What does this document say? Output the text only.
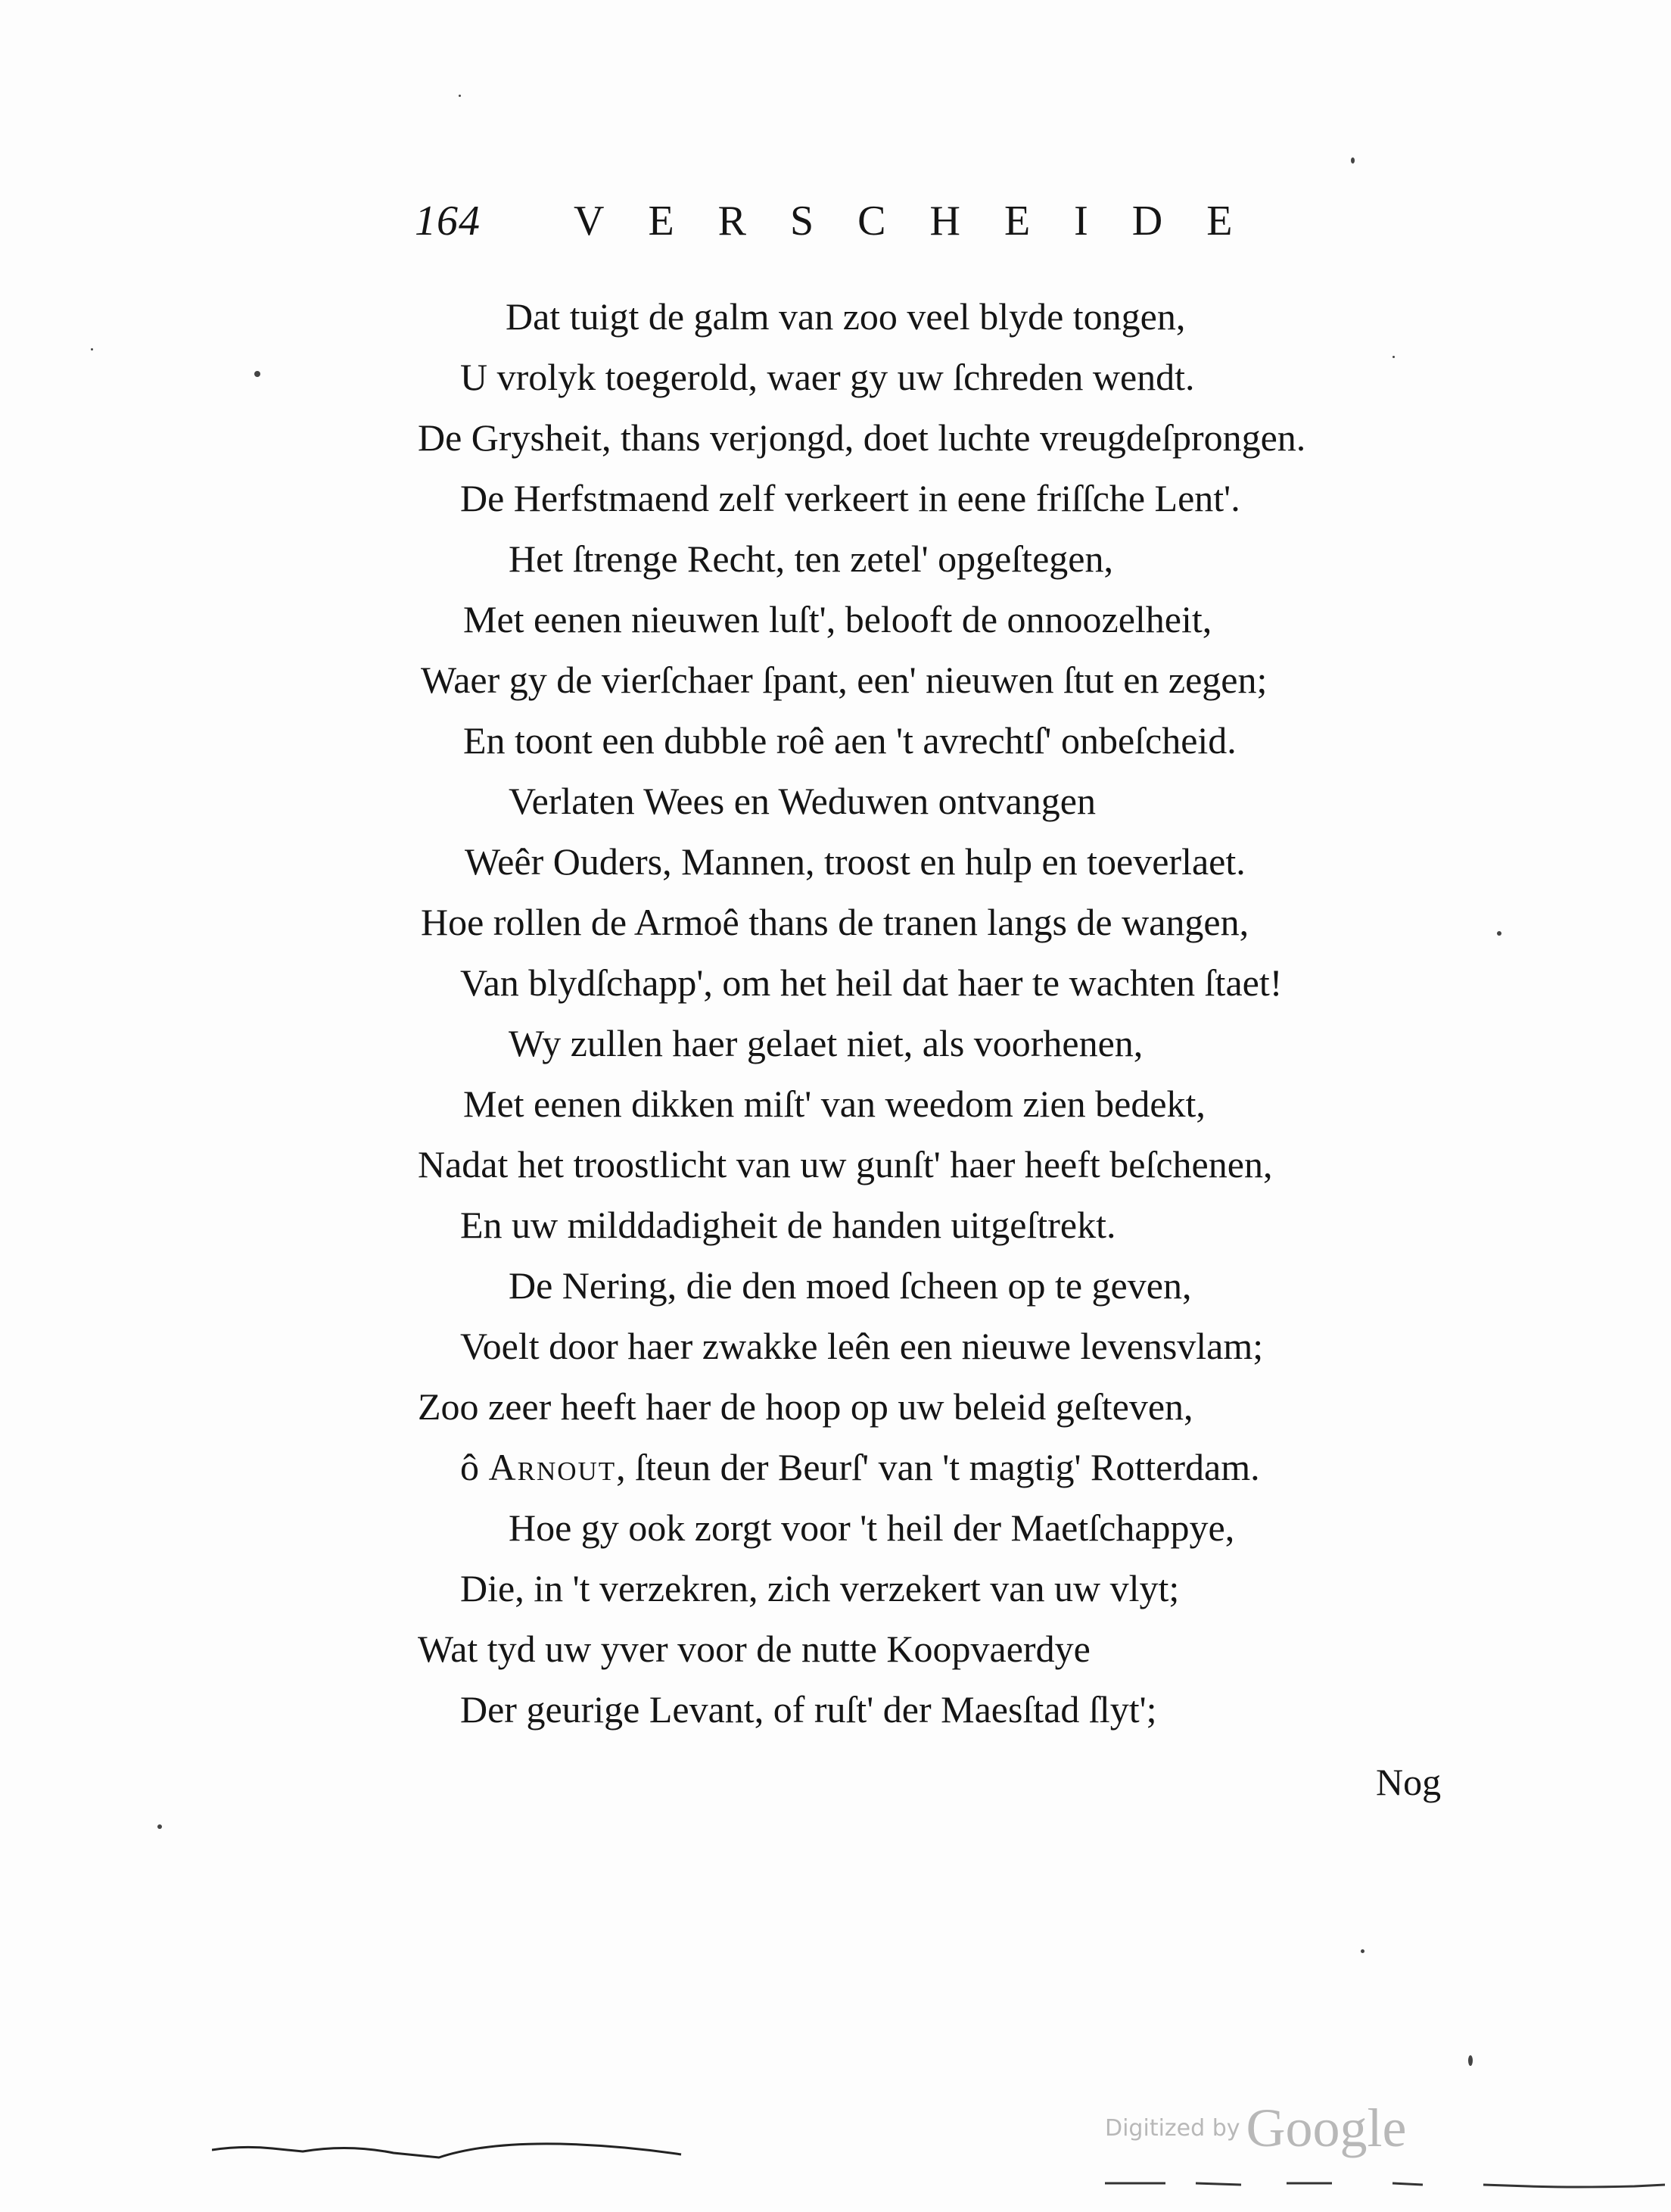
164 VERSCHEIDE
Dat tuigt de galm van zoo veel blyde tongen,
U vrolyk toegerold, waer gy uw ſchreden wendt.
De Grysheit, thans verjongd, doet luchte vreugdeſprongen.
De Herfstmaend zelf verkeert in eene friſſche Lent'.
Het ſtrenge Recht, ten zetel' opgeſtegen,
Met eenen nieuwen luſt', belooft de onnoozelheit,
Waer gy de vierſchaer ſpant, een' nieuwen ſtut en zegen;
En toont een dubble roê aen 't avrechtſ' onbeſcheid.
Verlaten Wees en Weduwen ontvangen
Weêr Ouders, Mannen, troost en hulp en toeverlaet.
Hoe rollen de Armoê thans de tranen langs de wangen,
Van blydſchapp', om het heil dat haer te wachten ſtaet!
Wy zullen haer gelaet niet, als voorhenen,
Met eenen dikken miſt' van weedom zien bedekt,
Nadat het troostlicht van uw gunſt' haer heeft beſchenen,
En uw milddadigheit de handen uitgeſtrekt.
De Nering, die den moed ſcheen op te geven,
Voelt door haer zwakke leên een nieuwe levensvlam;
Zoo zeer heeft haer de hoop op uw beleid geſteven,
ô Arnout, ſteun der Beurſ' van 't magtig' Rotterdam.
Hoe gy ook zorgt voor 't heil der Maetſchappye,
Die, in 't verzekren, zich verzekert van uw vlyt;
Wat tyd uw yver voor de nutte Koopvaerdye
Der geurige Levant, of ruſt' der Maesſtad ſlyt';
Nog
Digitized by Google
